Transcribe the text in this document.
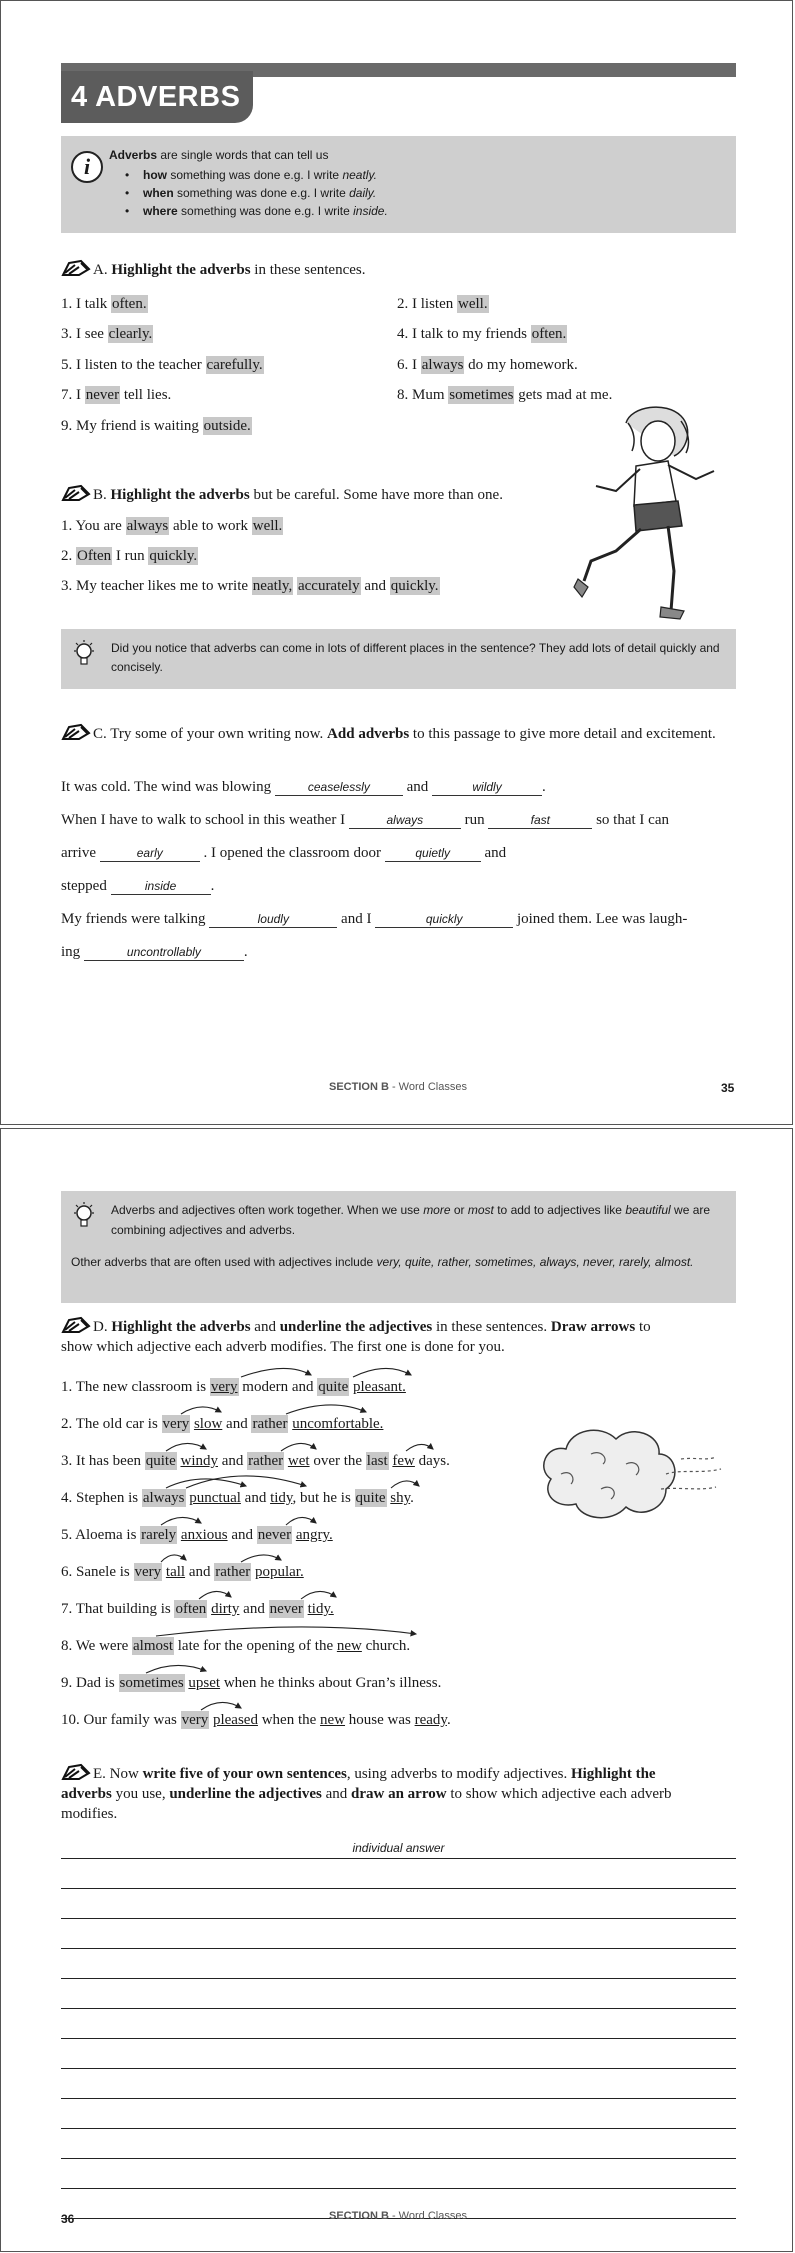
4 ADVERBS
i	Adverbs are single words that can tell us
• how something was done e.g. I write neatly.
• when something was done e.g. I write daily.
• where something was done e.g. I write inside.
A. Highlight the adverbs in these sentences.
1. I talk often.	2. I listen well.
3. I see clearly.	4. I talk to my friends often.
5. I listen to the teacher carefully.	6. I always do my homework.
7. I never tell lies.	8. Mum sometimes gets mad at me.
9. My friend is waiting outside.
B. Highlight the adverbs but be careful. Some have more than one.
1. You are always able to work well.
2. Often I run quickly.
3. My teacher likes me to write neatly, accurately and quickly.
Did you notice that adverbs can come in lots of different places in the sentence? They add lots of detail quickly and concisely.
C. Try some of your own writing now. Add adverbs to this passage to give more detail and excitement.
It was cold. The wind was blowing	ceaselessly and	wildly	.
When I have to walk to school in this weather I	always	run	fast	so that I can
arrive	early . I opened the classroom door	quietly and
stepped	inside .
My friends were talking	loudly	and I	quickly	joined them. Lee was laugh-
ing	uncontrollably	.
SECTION B - Word Classes	35
Adverbs and adjectives often work together. When we use more or most to add to adjectives like beautiful we are
combining adjectives and adverbs.
Other adverbs that are often used with adjectives include very, quite, rather, sometimes, always, never, rarely, almost.
D. Highlight the adverbs and underline the adjectives in these sentences. Draw arrows to
show which adjective each adverb modifies. The first one is done for you.
1. The new classroom is very modern and quite pleasant.
2. The old car is very slow and rather uncomfortable.
3. It has been quite windy and rather wet over the last few days.
4. Stephen is always punctual and tidy, but he is quite shy.
5. Aloema is rarely anxious and never angry.
6. Sanele is very tall and rather popular.
7. That building is often dirty and never tidy.
8. We were almost late for the opening of the new church.
9. Dad is sometimes upset when he thinks about Gran’s illness.
10. Our family was very pleased when the new house was ready.
E. Now write five of your own sentences, using adverbs to modify adjectives. Highlight the
adverbs you use, underline the adjectives and draw an arrow to show which adjective each adverb
modifies.
individual answer
36	SECTION B - Word Classes
